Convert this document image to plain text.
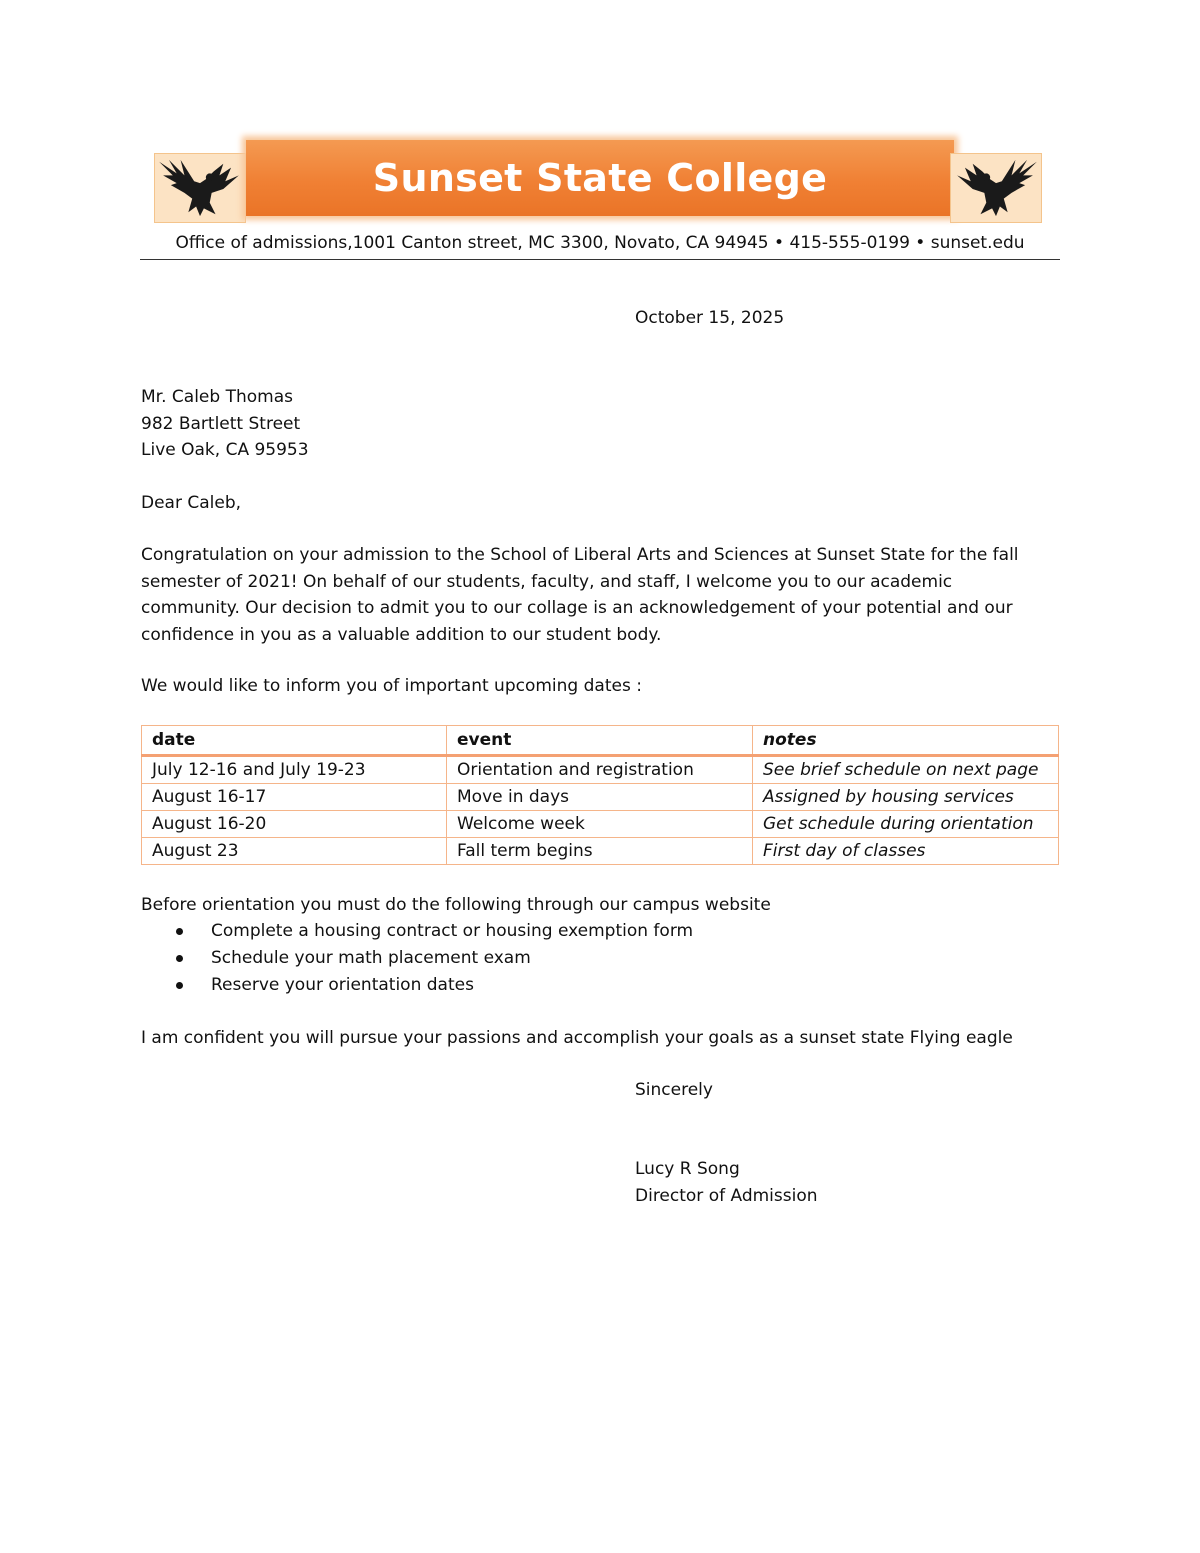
Sunset State College
Office of admissions,1001 Canton street, MC 3300, Novato, CA 94945 • 415-555-0199 • sunset.edu
October 15, 2025
Mr. Caleb Thomas
982 Bartlett Street
Live Oak, CA 95953
Dear Caleb,
Congratulation on your admission to the School of Liberal Arts and Sciences at Sunset State for the fall semester of 2021! On behalf of our students, faculty, and staff, I welcome you to our academic community. Our decision to admit you to our collage is an acknowledgement of your potential and our confidence in you as a valuable addition to our student body.
We would like to inform you of important upcoming dates :
date	event	notes
July 12-16 and July 19-23	Orientation and registration	See brief schedule on next page
August 16-17	Move in days	Assigned by housing services
August 16-20	Welcome week	Get schedule during orientation
August 23	Fall term begins	First day of classes
Before orientation you must do the following through our campus website
Complete a housing contract or housing exemption form
Schedule your math placement exam
Reserve your orientation dates
I am confident you will pursue your passions and accomplish your goals as a sunset state Flying eagle
Sincerely
Lucy R Song
Director of Admission
